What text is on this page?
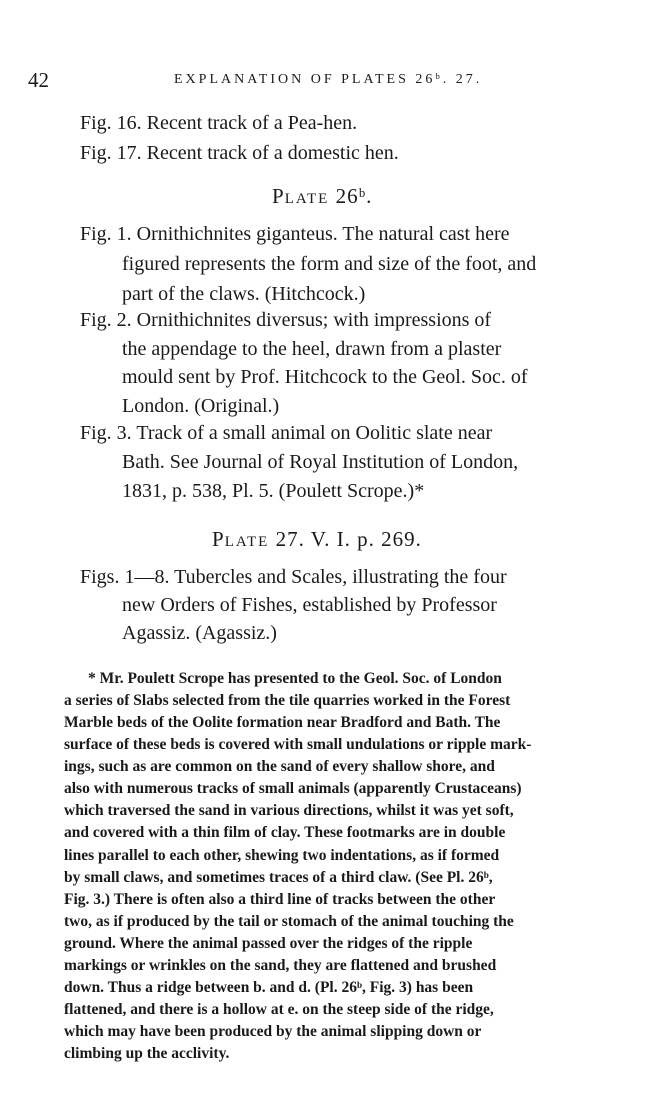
42	EXPLANATION OF PLATES 26ᵇ. 27.
Fig. 16. Recent track of a Pea-hen.
Fig. 17. Recent track of a domestic hen.
PLATE 26ᵇ.
Fig. 1. Ornithichnites giganteus. The natural cast here
figured represents the form and size of the foot, and
part of the claws. (Hitchcock.)
Fig. 2. Ornithichnites diversus; with impressions of
the appendage to the heel, drawn from a plaster
mould sent by Prof. Hitchcock to the Geol. Soc. of
London. (Original.)
Fig. 3. Track of a small animal on Oolitic slate near
Bath. See Journal of Royal Institution of London,
1831, p. 538, Pl. 5. (Poulett Scrope.)*
PLATE 27. V. I. p. 269.
Figs. 1—8. Tubercles and Scales, illustrating the four
new Orders of Fishes, established by Professor
Agassiz. (Agassiz.)
* Mr. Poulett Scrope has presented to the Geol. Soc. of London
a series of Slabs selected from the tile quarries worked in the Forest
Marble beds of the Oolite formation near Bradford and Bath. The
surface of these beds is covered with small undulations or ripple mark-
ings, such as are common on the sand of every shallow shore, and
also with numerous tracks of small animals (apparently Crustaceans)
which traversed the sand in various directions, whilst it was yet soft,
and covered with a thin film of clay. These footmarks are in double
lines parallel to each other, shewing two indentations, as if formed
by small claws, and sometimes traces of a third claw. (See Pl. 26ᵇ,
Fig. 3.) There is often also a third line of tracks between the other
two, as if produced by the tail or stomach of the animal touching the
ground. Where the animal passed over the ridges of the ripple
markings or wrinkles on the sand, they are flattened and brushed
down. Thus a ridge between b. and d. (Pl. 26ᵇ, Fig. 3) has been
flattened, and there is a hollow at e. on the steep side of the ridge,
which may have been produced by the animal slipping down or
climbing up the acclivity.
